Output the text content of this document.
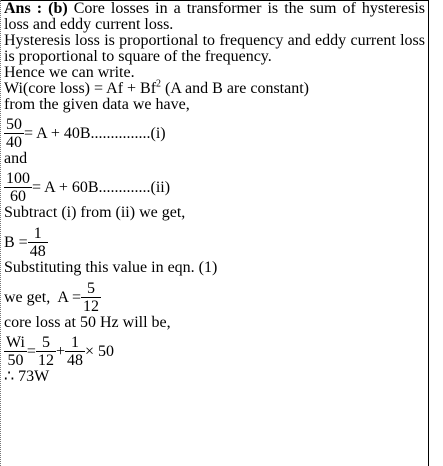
Ans : (b) Core losses in a transformer is the sum of hysteresis loss and eddy current loss.
Hysteresis loss is proportional to frequency and eddy current loss is proportional to square of the frequency.
Hence we can write.
Wi(core loss) = $Af + Bf^2$ (A and B are constant)
from the given data we have,
$\frac{50}{40} = A + 40B...............(i)$
and
$\frac{100}{60} = A + 60B.............(ii)$
Subtract (i) from (ii) we get,
$B = \frac{1}{48}$
Substituting this value in eqn. (1)
we get,  $A = \frac{5}{12}$
core loss at 50 Hz will be,
$\frac{Wi}{50} = \frac{5}{12} + \frac{1}{48} \times 50$
∴ 73W
